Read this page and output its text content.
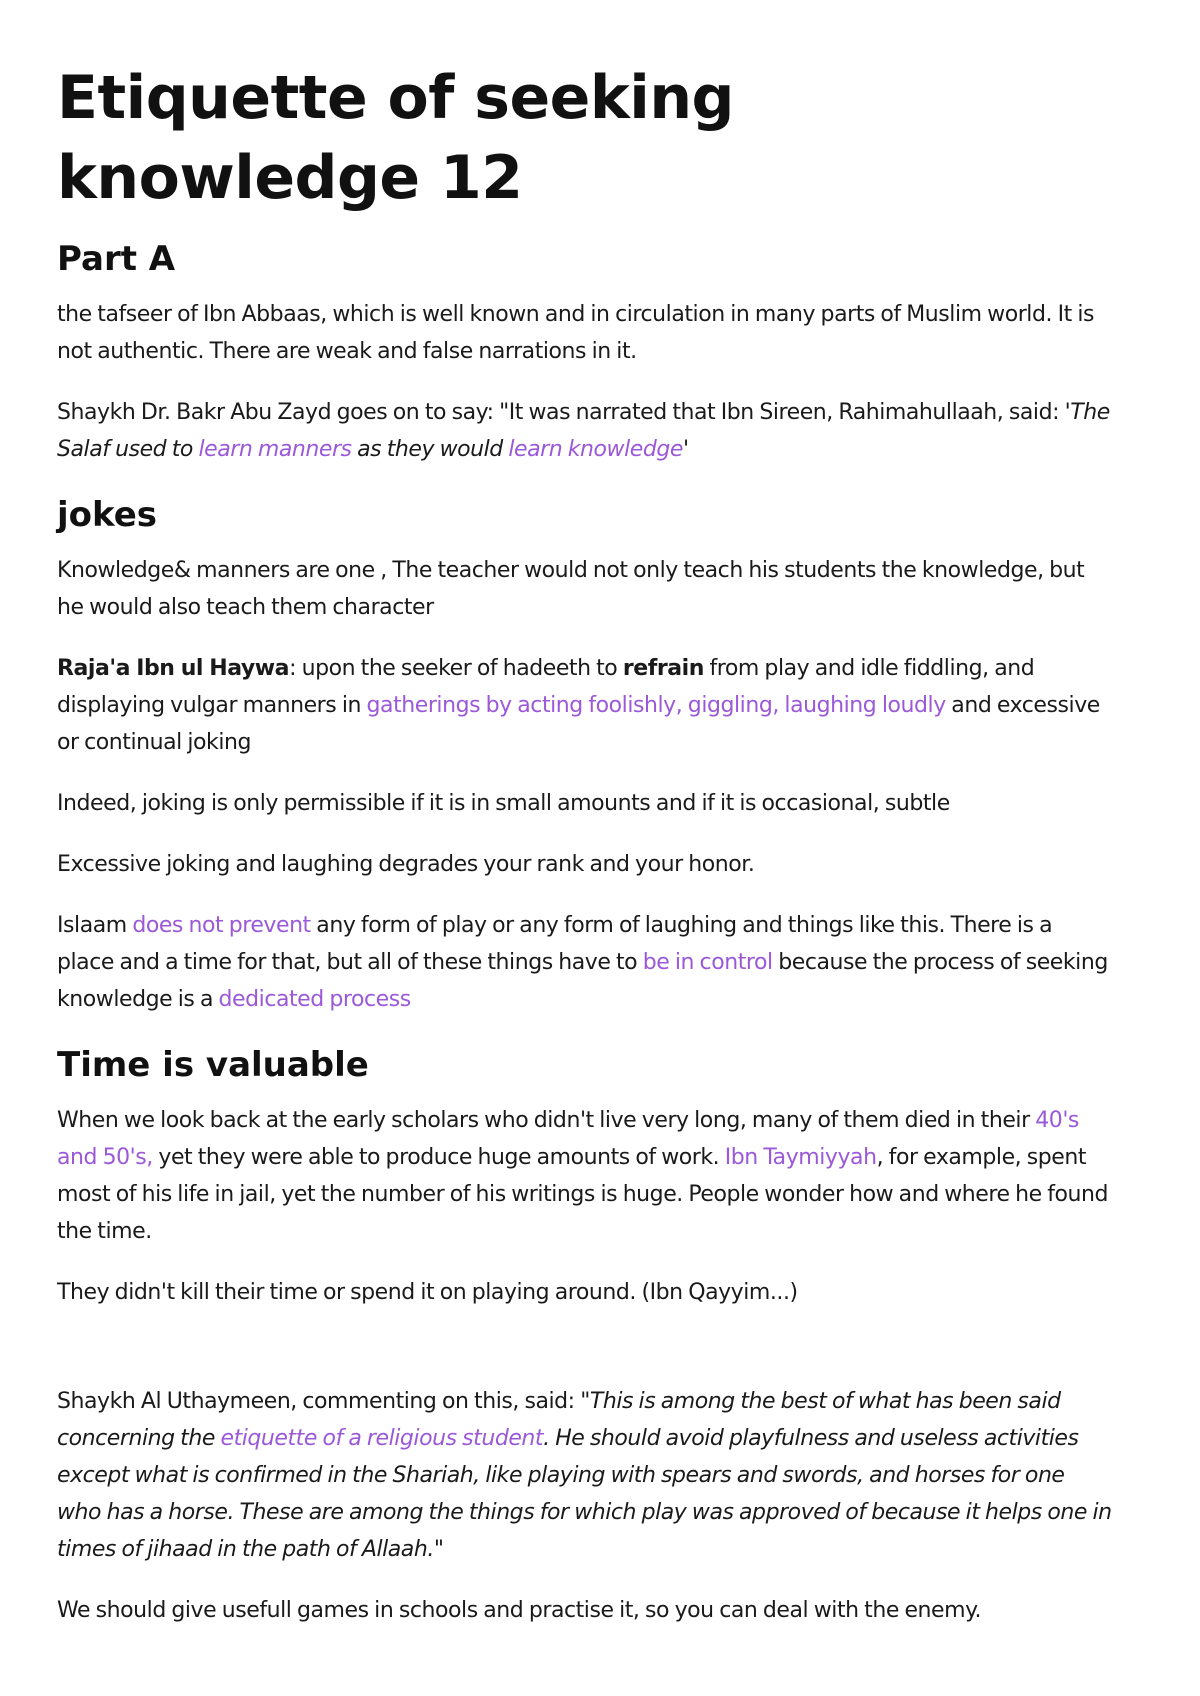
Etiquette of seeking knowledge 12
Part A

the tafseer of Ibn Abbaas, which is well known and in circulation in many parts of Muslim world. It is not authentic. There are weak and false narrations in it.

Shaykh Dr. Bakr Abu Zayd goes on to say: "It was narrated that Ibn Sireen, Rahimahullaah, said: 'The Salaf used to learn manners as they would learn knowledge'

jokes

Knowledge& manners are one , The teacher would not only teach his students the knowledge, but he would also teach them character

Raja'a Ibn ul Haywa: upon the seeker of hadeeth to refrain from play and idle fiddling, and displaying vulgar manners in gatherings by acting foolishly, giggling, laughing loudly and excessive or continual joking

Indeed, joking is only permissible if it is in small amounts and if it is occasional, subtle

Excessive joking and laughing degrades your rank and your honor.

Islaam does not prevent any form of play or any form of laughing and things like this. There is a place and a time for that, but all of these things have to be in control because the process of seeking knowledge is a dedicated process

Time is valuable

When we look back at the early scholars who didn't live very long, many of them died in their 40's and 50's, yet they were able to produce huge amounts of work. Ibn Taymiyyah, for example, spent most of his life in jail, yet the number of his writings is huge. People wonder how and where he found the time.

They didn't kill their time or spend it on playing around. (Ibn Qayyim...)

Shaykh Al Uthaymeen, commenting on this, said: "This is among the best of what has been said concerning the etiquette of a religious student. He should avoid playfulness and useless activities except what is confirmed in the Shariah, like playing with spears and swords, and horses for one who has a horse. These are among the things for which play was approved of because it helps one in times of jihaad in the path of Allaah."

We should give usefull games in schools and practise it, so you can deal with the enemy.
